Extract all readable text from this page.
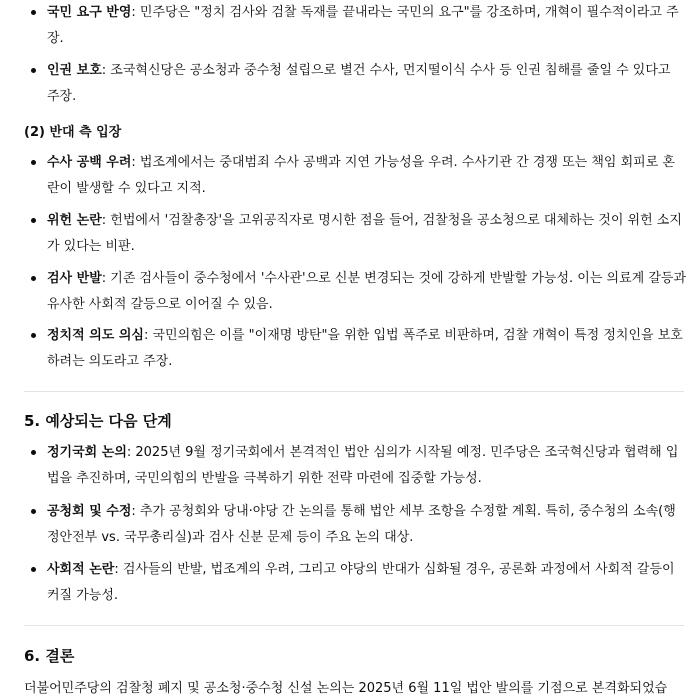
국민 요구 반영: 민주당은 "정치 검사와 검찰 독재를 끝내라는 국민의 요구"를 강조하며, 개혁이 필수적이라고 주장.
인권 보호: 조국혁신당은 공소청과 중수청 설립으로 별건 수사, 먼지떨이식 수사 등 인권 침해를 줄일 수 있다고 주장.
(2) 반대 측 입장
수사 공백 우려: 법조계에서는 중대범죄 수사 공백과 지연 가능성을 우려. 수사기관 간 경쟁 또는 책임 회피로 혼란이 발생할 수 있다고 지적.
위헌 논란: 헌법에서 '검찰총장'을 고위공직자로 명시한 점을 들어, 검찰청을 공소청으로 대체하는 것이 위헌 소지가 있다는 비판.
검사 반발: 기존 검사들이 중수청에서 '수사관'으로 신분 변경되는 것에 강하게 반발할 가능성. 이는 의료계 갈등과 유사한 사회적 갈등으로 이어질 수 있음.
정치적 의도 의심: 국민의힘은 이를 "이재명 방탄"을 위한 입법 폭주로 비판하며, 검찰 개혁이 특정 정치인을 보호하려는 의도라고 주장.
5. 예상되는 다음 단계
정기국회 논의: 2025년 9월 정기국회에서 본격적인 법안 심의가 시작될 예정. 민주당은 조국혁신당과 협력해 입법을 추진하며, 국민의힘의 반발을 극복하기 위한 전략 마련에 집중할 가능성.
공청회 및 수정: 추가 공청회와 당내·야당 간 논의를 통해 법안 세부 조항을 수정할 계획. 특히, 중수청의 소속(행정안전부 vs. 국무총리실)과 검사 신분 문제 등이 주요 논의 대상.
사회적 논란: 검사들의 반발, 법조계의 우려, 그리고 야당의 반대가 심화될 경우, 공론화 과정에서 사회적 갈등이 커질 가능성.
6. 결론
더불어민주당의 검찰청 폐지 및 공소청·중수청 신설 논의는 2025년 6월 11일 법안 발의를 기점으로 본격화되었습
